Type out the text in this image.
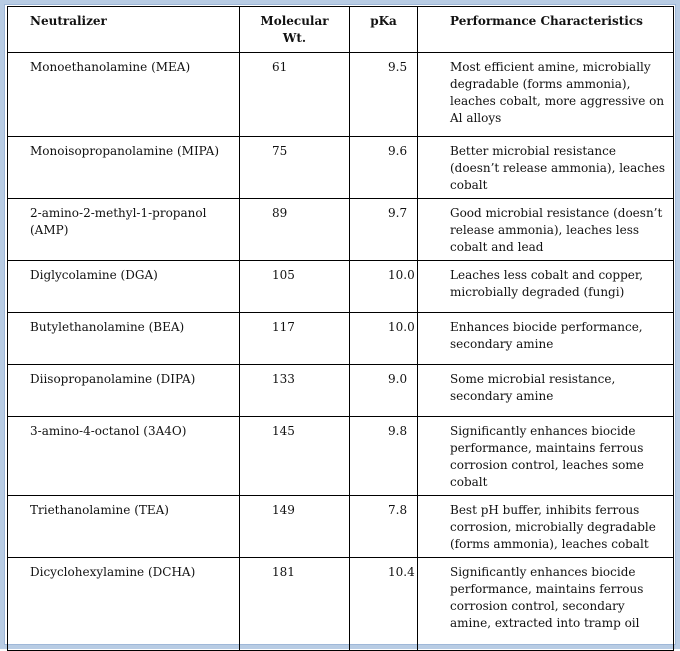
Neutralizer	Molecular Wt.	pKa	Performance Characteristics
Monoethanolamine (MEA)	61	9.5	Most efficient amine, microbially degradable (forms ammonia), leaches cobalt, more aggressive on Al alloys
Monoisopropanolamine (MIPA)	75	9.6	Better microbial resistance (doesn’t release ammonia), leaches cobalt
2-amino-2-methyl-1-propanol (AMP)	89	9.7	Good microbial resistance (doesn’t release ammonia), leaches less cobalt and lead
Diglycolamine (DGA)	105	10.0	Leaches less cobalt and copper, microbially degraded (fungi)
Butylethanolamine (BEA)	117	10.0	Enhances biocide performance, secondary amine
Diisopropanolamine (DIPA)	133	9.0	Some microbial resistance, secondary amine
3-amino-4-octanol (3A4O)	145	9.8	Significantly enhances biocide performance, maintains ferrous corrosion control, leaches some cobalt
Triethanolamine (TEA)	149	7.8	Best pH buffer, inhibits ferrous corrosion, microbially degradable (forms ammonia), leaches cobalt
Dicyclohexylamine (DCHA)	181	10.4	Significantly enhances biocide performance, maintains ferrous corrosion control, secondary amine, extracted into tramp oil
